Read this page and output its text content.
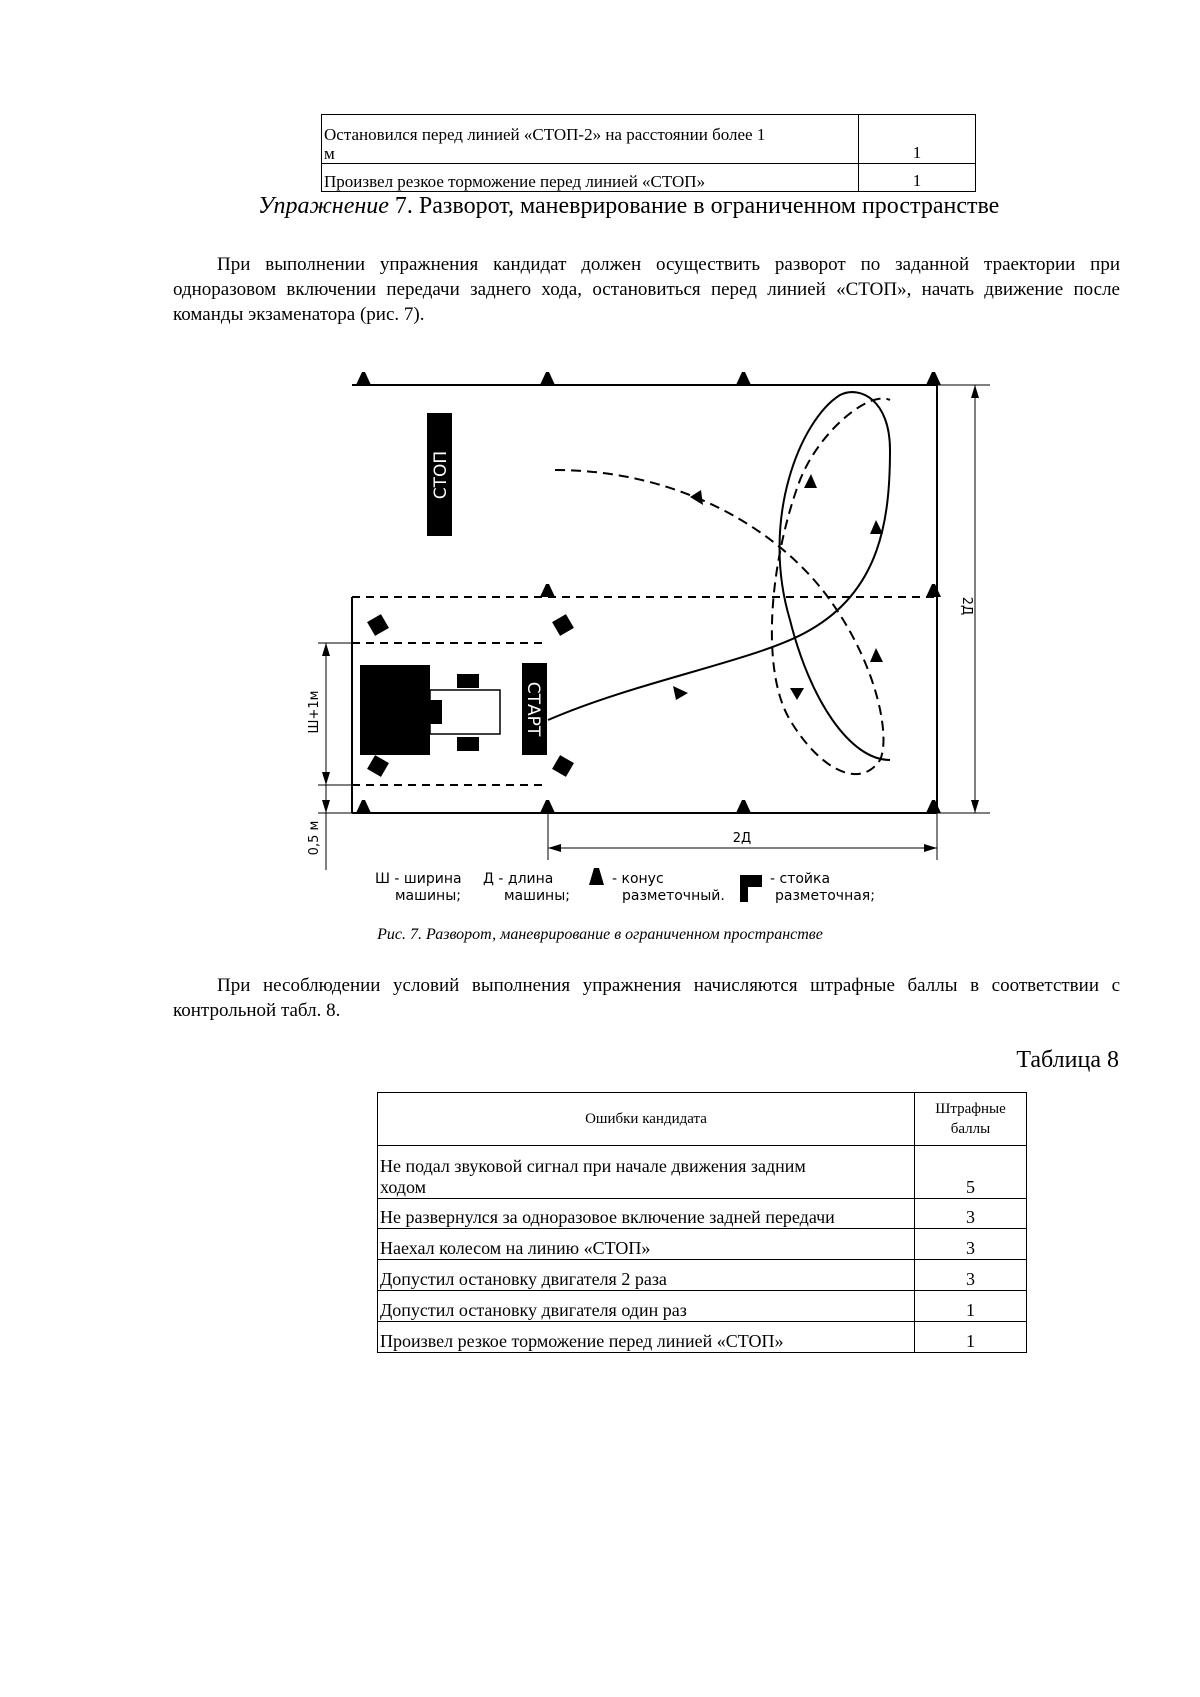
Остановился перед линией «СТОП-2» на расстоянии более 1
м	1
Произвел резкое торможение перед линией «СТОП»	1
Упражнение 7. Разворот, маневрирование в ограниченном пространстве
При выполнении упражнения кандидат должен осуществить разворот по заданной траектории при одноразовом включении передачи заднего хода, остановиться перед линией «СТОП», начать движение после команды экзаменатора (рис. 7).
СТОП
СТАРТ
2Д
2Д
Ш+1м
0,5 м
Ш - ширина
машины;
Д - длина
машины;
- конус
разметочный.
- стойка
разметочная;
Рис. 7. Разворот, маневрирование в ограниченном пространстве
При несоблюдении условий выполнения упражнения начисляются штрафные баллы в соответствии с контрольной табл. 8.
Таблица 8
Ошибки кандидата	Штрафные
баллы

Не подал звуковой сигнал при начале движения задним
ходом	5
Не развернулся за одноразовое включение задней передачи	3
Наехал колесом на линию «СТОП»	3
Допустил остановку двигателя 2 раза	3
Допустил остановку двигателя один раз	1
Произвел резкое торможение перед линией «СТОП»	1
